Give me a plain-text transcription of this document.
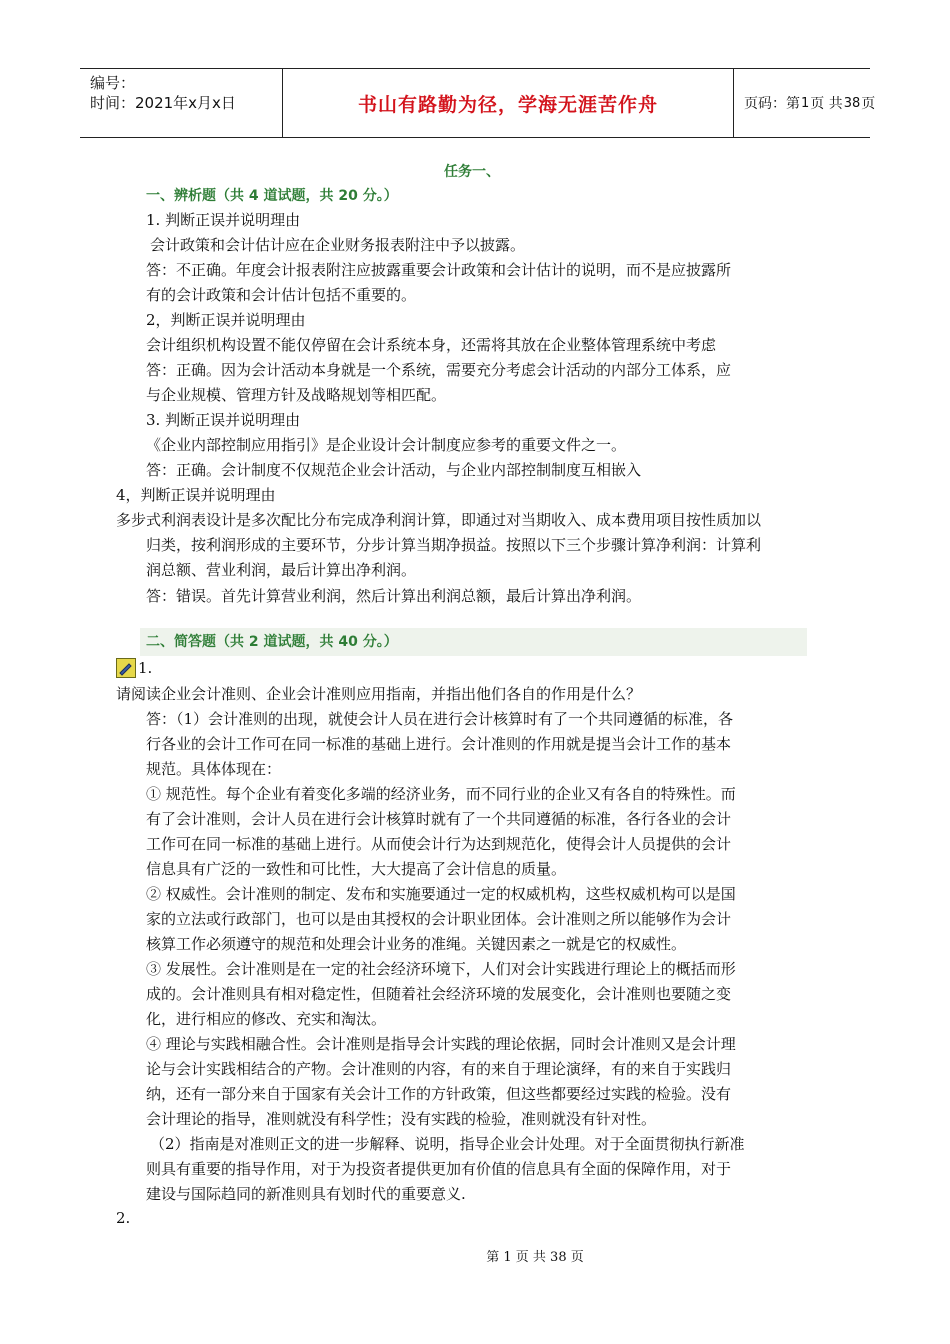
编号：
时间：2021年x月x日	书山有路勤为径，学海无涯苦作舟	页码：第 1 页 共 38 页
任务一、
一、辨析题（共 4 道试题，共 20 分。）
1. 判断正误并说明理由
会计政策和会计估计应在企业财务报表附注中予以披露。
答：不正确。年度会计报表附注应披露重要会计政策和会计估计的说明，而不是应披露所
有的会计政策和会计估计包括不重要的。
2，判断正误并说明理由
会计组织机构设置不能仅停留在会计系统本身，还需将其放在企业整体管理系统中考虑
答：正确。因为会计活动本身就是一个系统，需要充分考虑会计活动的内部分工体系，应
与企业规模、管理方针及战略规划等相匹配。
3. 判断正误并说明理由
《企业内部控制应用指引》是企业设计会计制度应参考的重要文件之一。
答：正确。会计制度不仅规范企业会计活动，与企业内部控制制度互相嵌入
4，判断正误并说明理由
多步式利润表设计是多次配比分布完成净利润计算，即通过对当期收入、成本费用项目按性质加以
归类，按利润形成的主要环节，分步计算当期净损益。按照以下三个步骤计算净利润：计算利
润总额、营业利润，最后计算出净利润。
答：错误。首先计算营业利润，然后计算出利润总额，最后计算出净利润。
二、简答题（共 2 道试题，共 40 分。）
1.
请阅读企业会计准则、企业会计准则应用指南，并指出他们各自的作用是什么？
答：（1）会计准则的出现，就使会计人员在进行会计核算时有了一个共同遵循的标准，各
行各业的会计工作可在同一标准的基础上进行。会计准则的作用就是提当会计工作的基本
规范。具体体现在：
① 规范性。每个企业有着变化多端的经济业务，而不同行业的企业又有各自的特殊性。而
有了会计准则，会计人员在进行会计核算时就有了一个共同遵循的标准，各行各业的会计
工作可在同一标准的基础上进行。从而使会计行为达到规范化，使得会计人员提供的会计
信息具有广泛的一致性和可比性，大大提高了会计信息的质量。
② 权威性。会计准则的制定、发布和实施要通过一定的权威机构，这些权威机构可以是国
家的立法或行政部门，也可以是由其授权的会计职业团体。会计准则之所以能够作为会计
核算工作必须遵守的规范和处理会计业务的准绳。关键因素之一就是它的权威性。
③ 发展性。会计准则是在一定的社会经济环境下，人们对会计实践进行理论上的概括而形
成的。会计准则具有相对稳定性，但随着社会经济环境的发展变化，会计准则也要随之变
化，进行相应的修改、充实和淘汰。
④ 理论与实践相融合性。会计准则是指导会计实践的理论依据，同时会计准则又是会计理
论与会计实践相结合的产物。会计准则的内容，有的来自于理论演绎，有的来自于实践归
纳，还有一部分来自于国家有关会计工作的方针政策，但这些都要经过实践的检验。没有
会计理论的指导，准则就没有科学性；没有实践的检验，准则就没有针对性。
（2）指南是对准则正文的进一步解释、说明，指导企业会计处理。对于全面贯彻执行新准
则具有重要的指导作用，对于为投资者提供更加有价值的信息具有全面的保障作用，对于
建设与国际趋同的新准则具有划时代的重要意义.
2.
第 1 页 共 38 页
